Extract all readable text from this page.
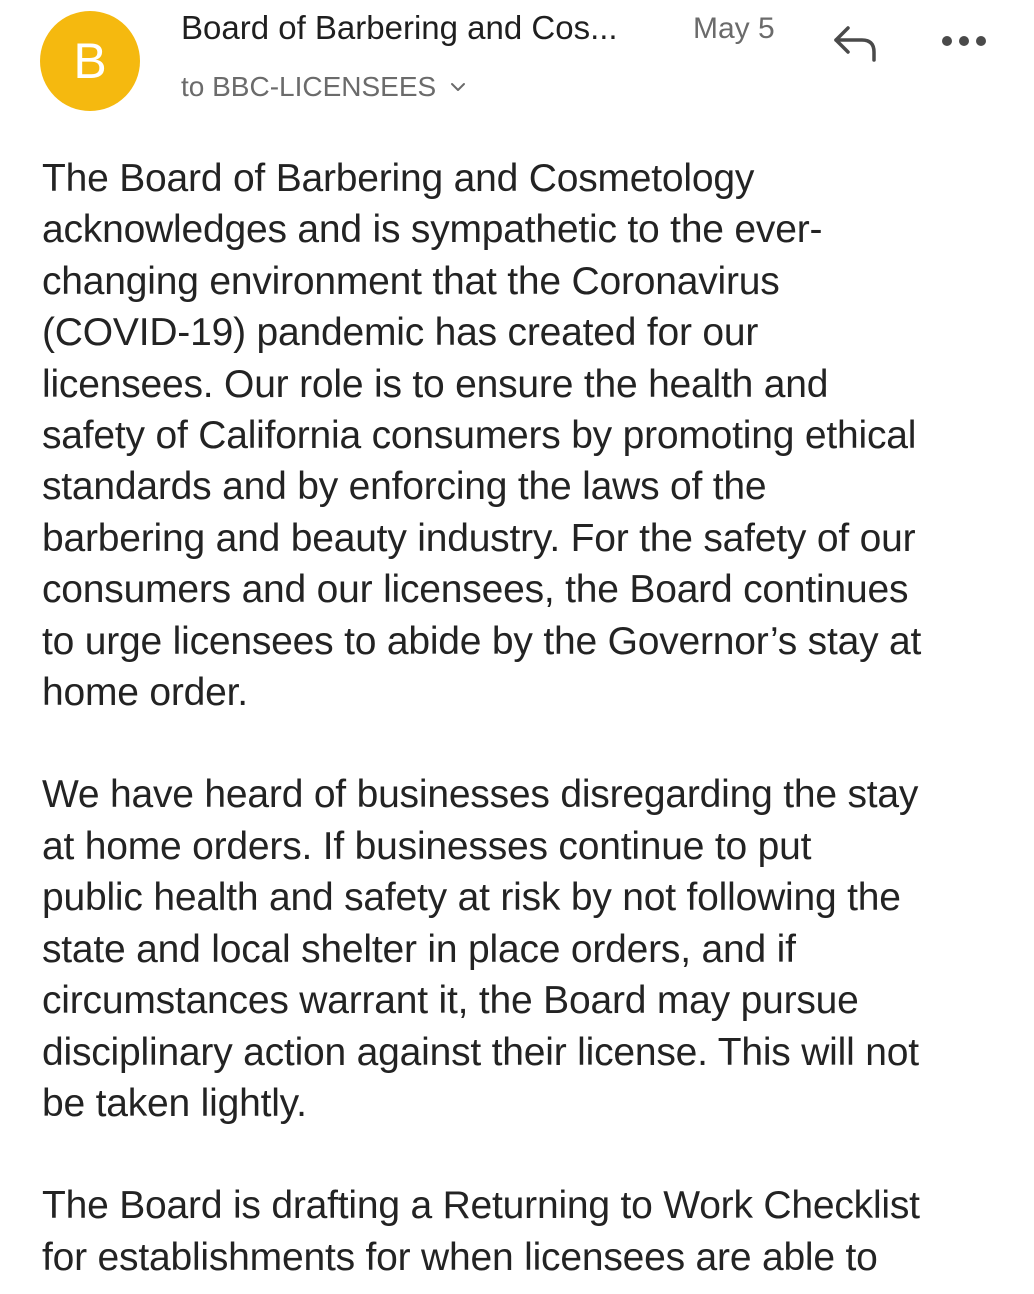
B
Board of Barbering and Cos...	May 5
to BBC-LICENSEES

The Board of Barbering and Cosmetology
acknowledges and is sympathetic to the ever-
changing environment that the Coronavirus
(COVID-19) pandemic has created for our
licensees. Our role is to ensure the health and
safety of California consumers by promoting ethical
standards and by enforcing the laws of the
barbering and beauty industry. For the safety of our
consumers and our licensees, the Board continues
to urge licensees to abide by the Governor’s stay at
home order.

We have heard of businesses disregarding the stay
at home orders. If businesses continue to put
public health and safety at risk by not following the
state and local shelter in place orders, and if
circumstances warrant it, the Board may pursue
disciplinary action against their license. This will not
be taken lightly.

The Board is drafting a Returning to Work Checklist
for establishments for when licensees are able to
